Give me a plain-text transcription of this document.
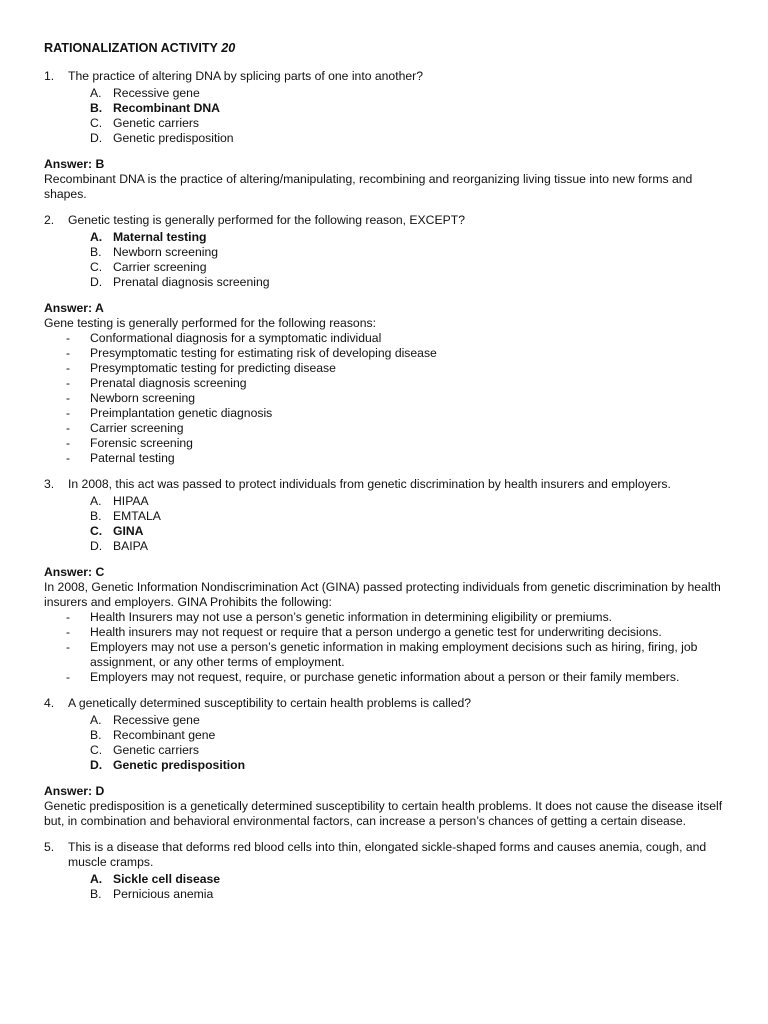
RATIONALIZATION ACTIVITY 20
1. The practice of altering DNA by splicing parts of one into another?
A. Recessive gene
B. Recombinant DNA
C. Genetic carriers
D. Genetic predisposition
Answer: B
Recombinant DNA is the practice of altering/manipulating, recombining and reorganizing living tissue into new forms and shapes.
2. Genetic testing is generally performed for the following reason, EXCEPT?
A. Maternal testing
B. Newborn screening
C. Carrier screening
D. Prenatal diagnosis screening
Answer: A
Gene testing is generally performed for the following reasons:
- Conformational diagnosis for a symptomatic individual
- Presymptomatic testing for estimating risk of developing disease
- Presymptomatic testing for predicting disease
- Prenatal diagnosis screening
- Newborn screening
- Preimplantation genetic diagnosis
- Carrier screening
- Forensic screening
- Paternal testing
3. In 2008, this act was passed to protect individuals from genetic discrimination by health insurers and employers.
A. HIPAA
B. EMTALA
C. GINA
D. BAIPA
Answer: C
In 2008, Genetic Information Nondiscrimination Act (GINA) passed protecting individuals from genetic discrimination by health insurers and employers. GINA Prohibits the following:
- Health Insurers may not use a person’s genetic information in determining eligibility or premiums.
- Health insurers may not request or require that a person undergo a genetic test for underwriting decisions.
- Employers may not use a person’s genetic information in making employment decisions such as hiring, firing, job assignment, or any other terms of employment.
- Employers may not request, require, or purchase genetic information about a person or their family members.
4. A genetically determined susceptibility to certain health problems is called?
A. Recessive gene
B. Recombinant gene
C. Genetic carriers
D. Genetic predisposition
Answer: D
Genetic predisposition is a genetically determined susceptibility to certain health problems. It does not cause the disease itself but, in combination and behavioral environmental factors, can increase a person’s chances of getting a certain disease.
5. This is a disease that deforms red blood cells into thin, elongated sickle-shaped forms and causes anemia, cough, and muscle cramps.
A. Sickle cell disease
B. Pernicious anemia
